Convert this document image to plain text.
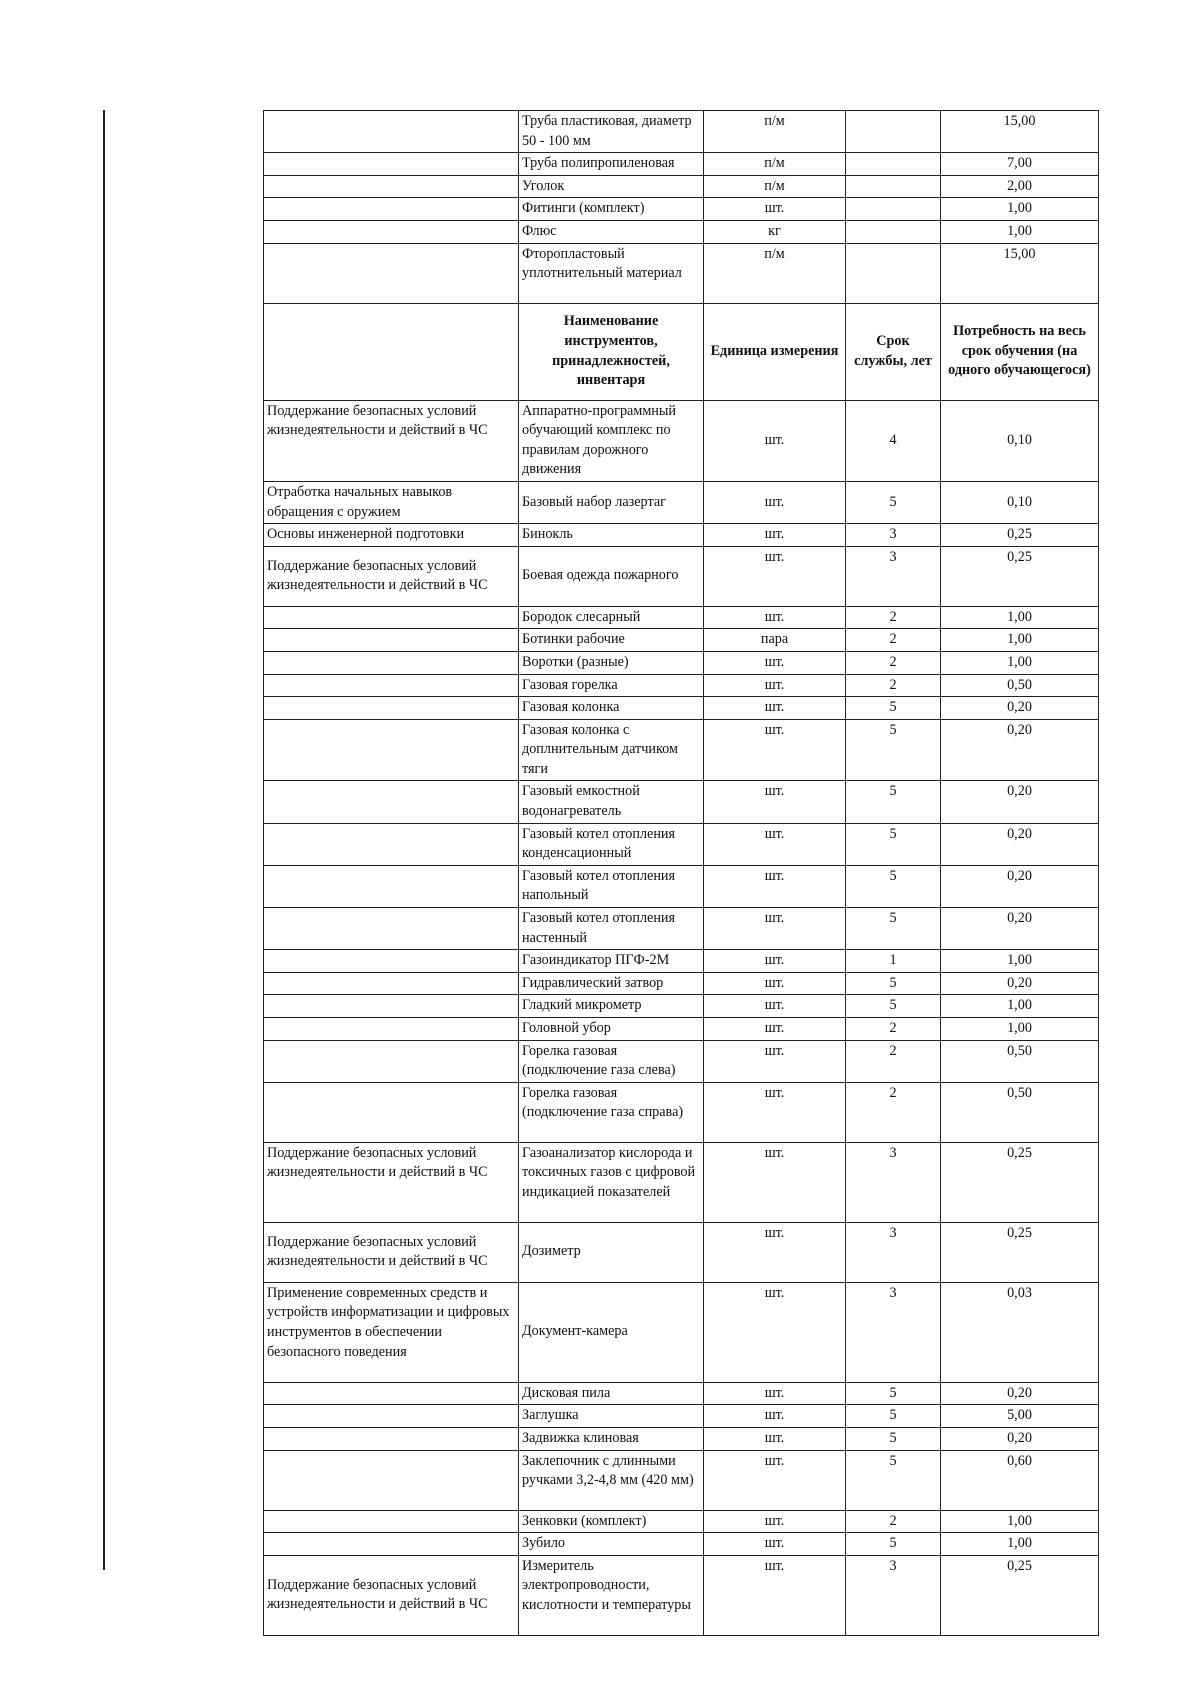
	Труба пластиковая, диаметр 50 - 100 мм	п/м		15,00
	Труба полипропиленовая	п/м		7,00
	Уголок	п/м		2,00
	Фитинги (комплект)	шт.		1,00
	Флюс	кг		1,00
	Фторопластовый уплотнительный материал	п/м		15,00
	Наименование инструментов, принадлежностей, инвентаря	Единица измерения	Срок службы, лет	Потребность на весь срок обучения (на одного обучающегося)
Поддержание безопасных условий жизнедеятельности и действий в ЧС	Аппаратно-программный обучающий комплекс по правилам дорожного движения	шт.	4	0,10
Отработка начальных навыков обращения с оружием	Базовый набор лазертаг	шт.	5	0,10
Основы инженерной подготовки	Бинокль	шт.	3	0,25
Поддержание безопасных условий жизнедеятельности и действий в ЧС	Боевая одежда пожарного	шт.	3	0,25
	Бородок слесарный	шт.	2	1,00
	Ботинки рабочие	пара	2	1,00
	Воротки (разные)	шт.	2	1,00
	Газовая горелка	шт.	2	0,50
	Газовая колонка	шт.	5	0,20
	Газовая колонка с доплнительным датчиком тяги	шт.	5	0,20
	Газовый емкостной водонагреватель	шт.	5	0,20
	Газовый котел отопления конденсационный	шт.	5	0,20
	Газовый котел отопления напольный	шт.	5	0,20
	Газовый котел отопления настенный	шт.	5	0,20
	Газоиндикатор ПГФ-2М	шт.	1	1,00
	Гидравлический затвор	шт.	5	0,20
	Гладкий микрометр	шт.	5	1,00
	Головной убор	шт.	2	1,00
	Горелка газовая (подключение газа слева)	шт.	2	0,50
	Горелка газовая (подключение газа справа)	шт.	2	0,50
Поддержание безопасных условий жизнедеятельности и действий в ЧС	Газоанализатор кислорода и токсичных газов с цифровой индикацией показателей	шт.	3	0,25
Поддержание безопасных условий жизнедеятельности и действий в ЧС	Дозиметр	шт.	3	0,25
Применение современных средств и устройств информатизации и цифровых инструментов в обеспечении безопасного поведения	Документ-камера	шт.	3	0,03
	Дисковая пила	шт.	5	0,20
	Заглушка	шт.	5	5,00
	Задвижка клиновая	шт.	5	0,20
	Заклепочник с длинными ручками 3,2-4,8 мм (420 мм)	шт.	5	0,60
	Зенковки (комплект)	шт.	2	1,00
	Зубило	шт.	5	1,00
Поддержание безопасных условий жизнедеятельности и действий в ЧС	Измеритель электропроводности, кислотности и температуры	шт.	3	0,25
